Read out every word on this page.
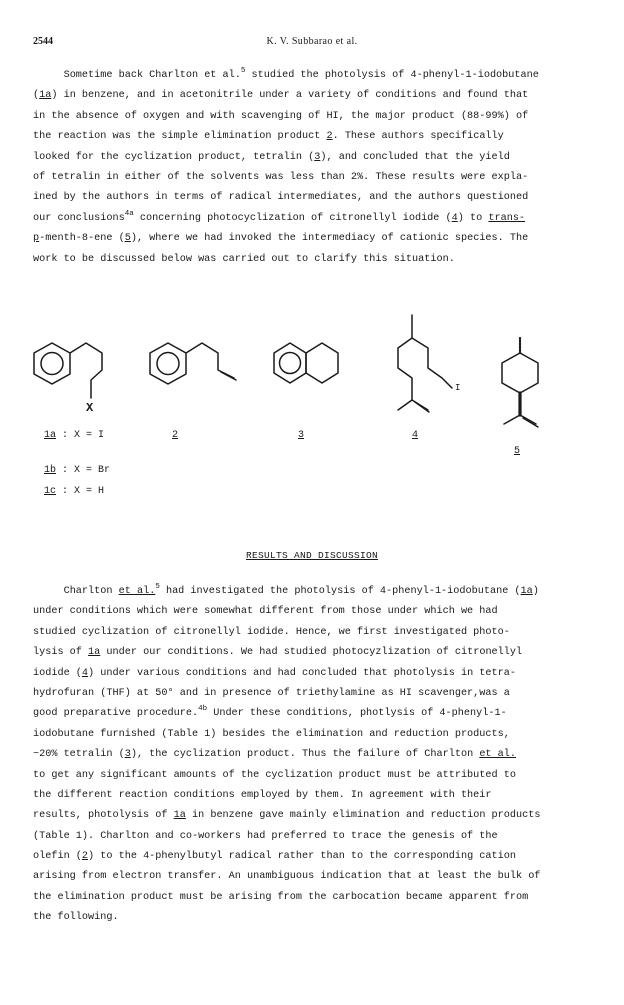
2544	K. V. Subbarao et al.
Sometime back Charlton et al.$^5$ studied the photolysis of 4-phenyl-1-iodobutane
(1a) in benzene, and in acetonitrile under a variety of conditions and found that
in the absence of oxygen and with scavenging of HI, the major product (88-99%) of
the reaction was the simple elimination product 2. These authors specifically
looked for the cyclization product, tetralin (3), and concluded that the yield
of tetralin in either of the solvents was less than 2%. These results were expla-
ined by the authors in terms of radical intermediates, and the authors questioned
our conclusions$^{4a}$ concerning photocyclization of citronellyl iodide (4) to trans-
p-menth-8-ene (5), where we had invoked the intermediacy of cationic species. The
work to be discussed below was carried out to clarify this situation.
X
I
1a : X = I	2	3	4
5
1b : X = Br
1c : X = H
RESULTS AND DISCUSSION
Charlton et al.$^5$ had investigated the photolysis of 4-phenyl-1-iodobutane (1a)
under conditions which were somewhat different from those under which we had
studied cyclization of citronellyl iodide. Hence, we first investigated photo-
lysis of 1a under our conditions. We had studied photocyzlization of citronellyl
iodide (4) under various conditions and had concluded that photolysis in tetra-
hydrofuran (THF) at 50° and in presence of triethylamine as HI scavenger,was a
good preparative procedure.$^{4b}$ Under these conditions, photlysis of 4-phenyl-1-
iodobutane furnished (Table 1) besides the elimination and reduction products,
~20% tetralin (3), the cyclization product. Thus the failure of Charlton et al.
to get any significant amounts of the cyclization product must be attributed to
the different reaction conditions employed by them. In agreement with their
results, photolysis of 1a in benzene gave mainly elimination and reduction products
(Table 1). Charlton and co-workers had preferred to trace the genesis of the
olefin (2) to the 4-phenylbutyl radical rather than to the corresponding cation
arising from electron transfer. An unambiguous indication that at least the bulk of
the elimination product must be arising from the carbocation became apparent from
the following.
